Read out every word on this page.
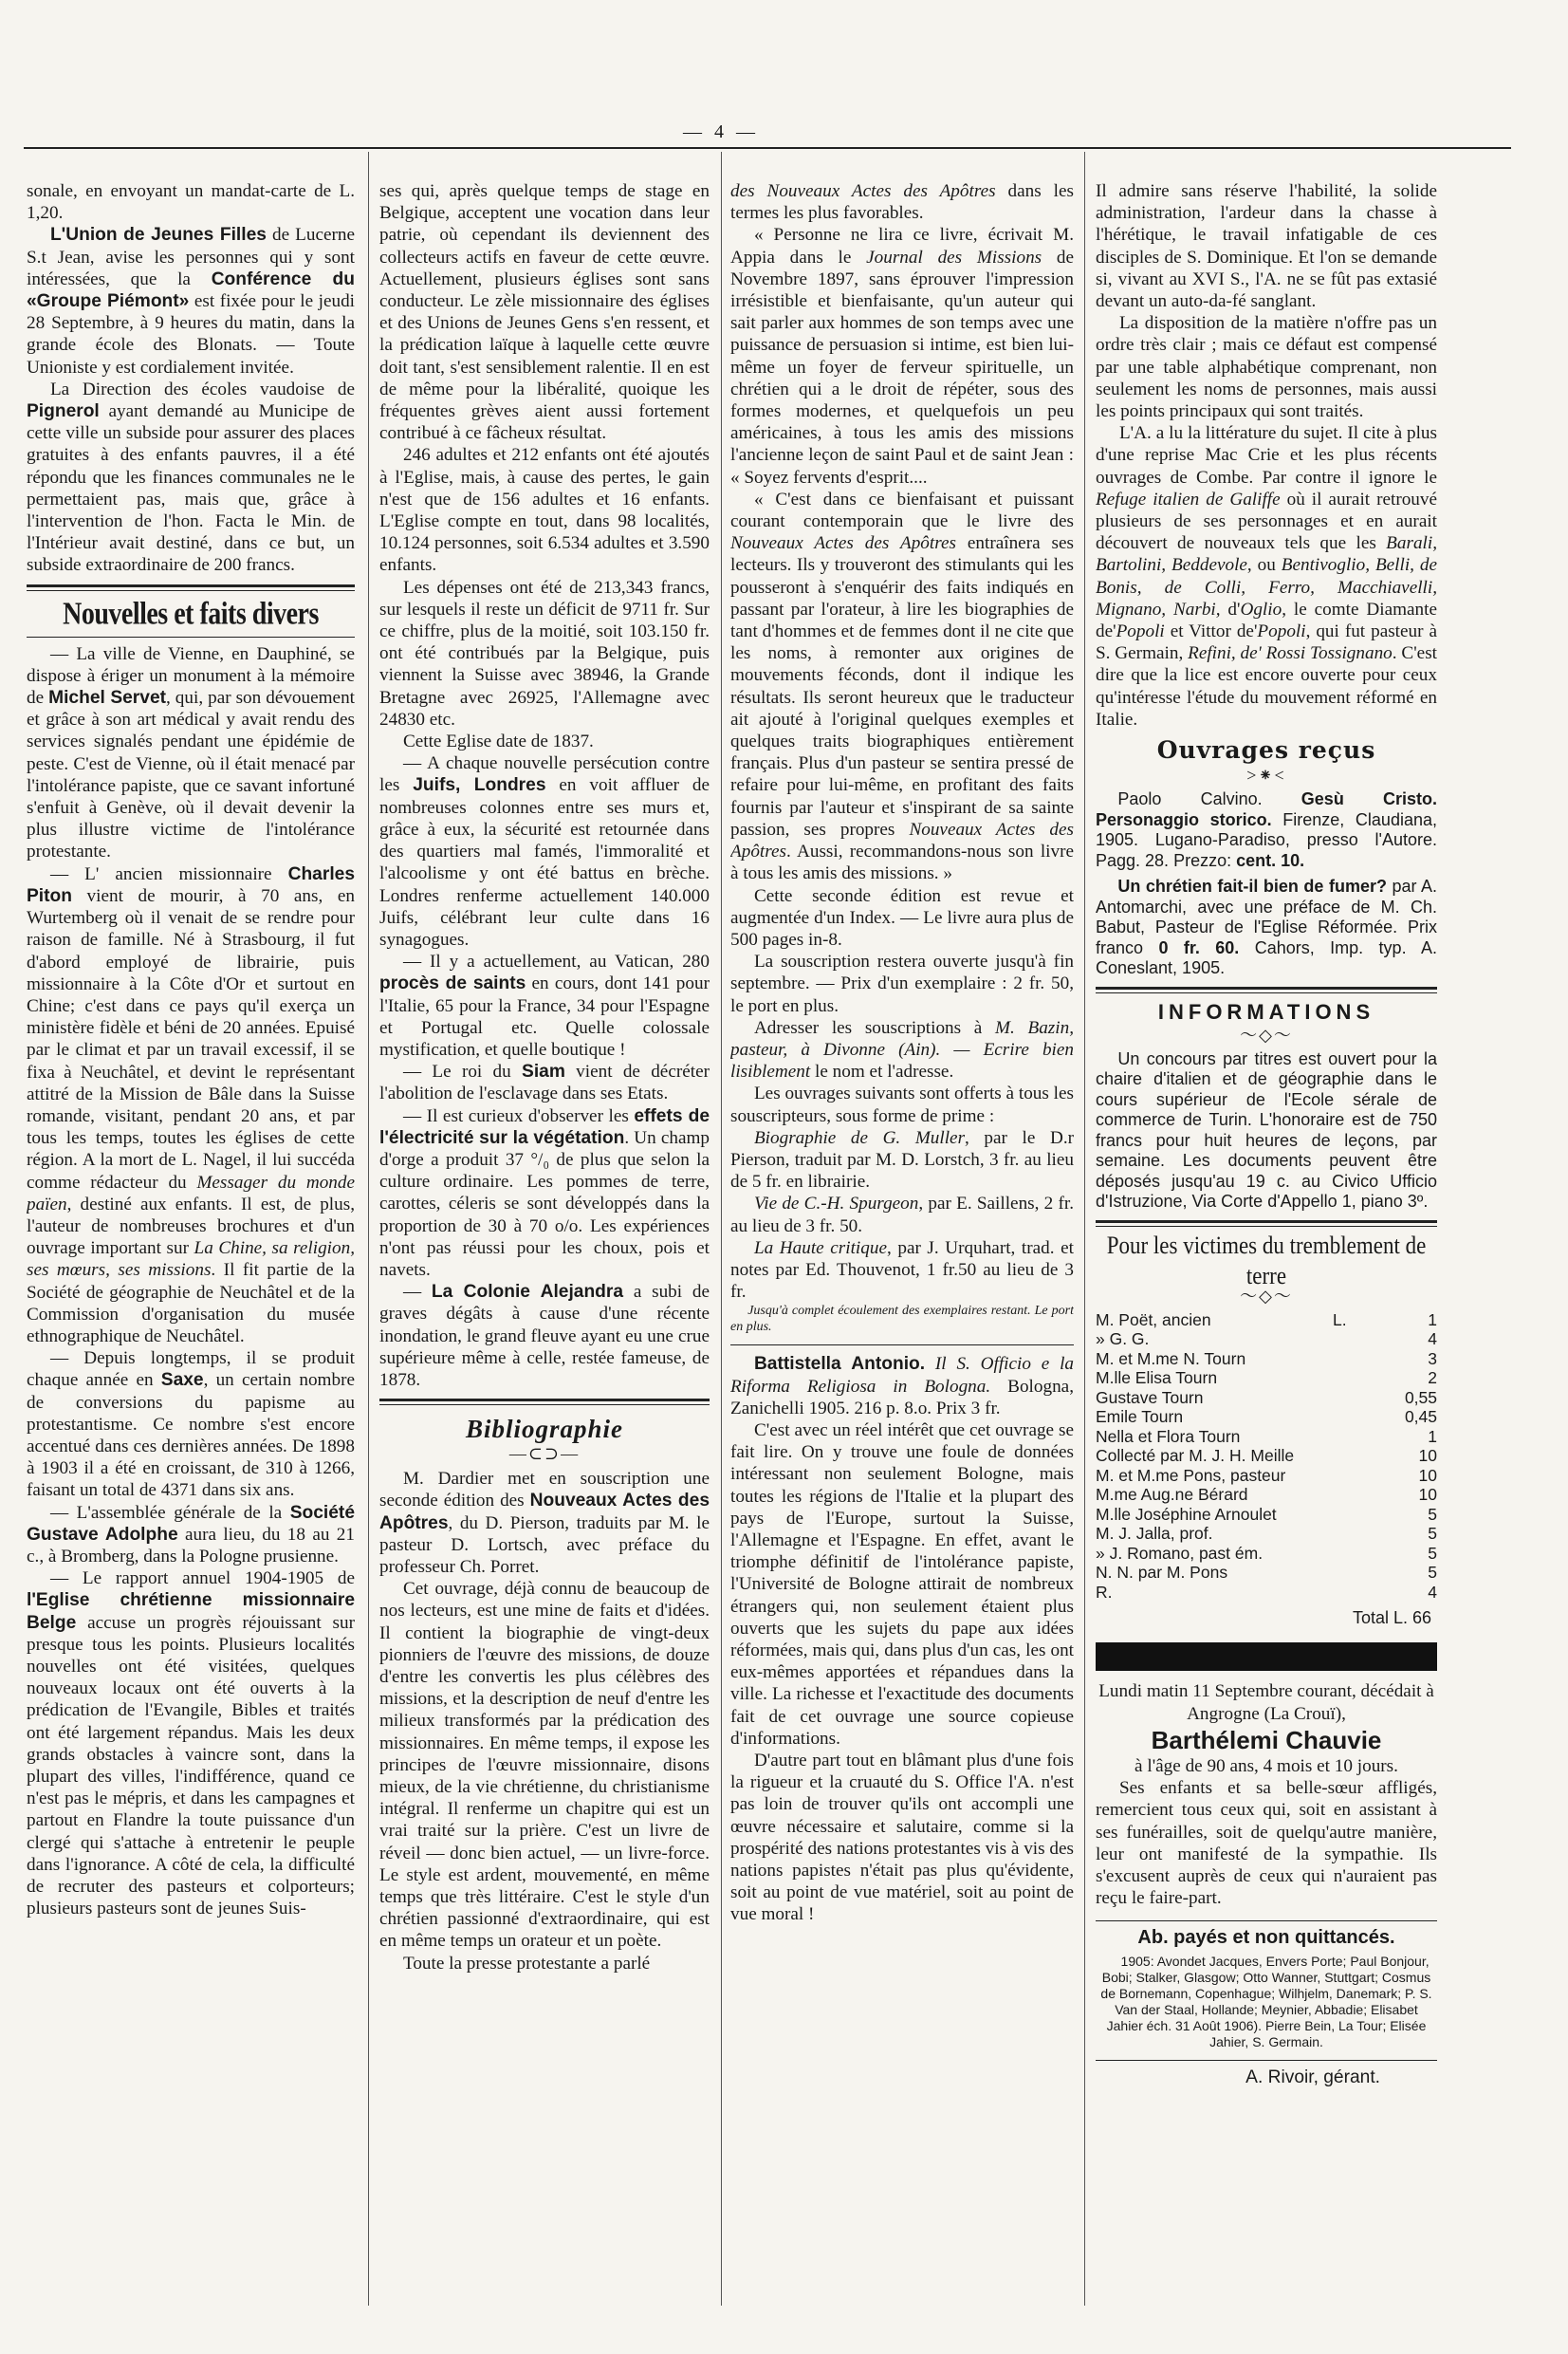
— 4 —

sonale, en envoyant un mandat-carte de L. 1,20.

L'Union de Jeunes Filles de Lucerne S.t Jean, avise les personnes qui y sont intéressées, que la Conférence du «Groupe Piémont» est fixée pour le jeudi 28 Septembre, à 9 heures du matin, dans la grande école des Blonats. — Toute Unioniste y est cordialement invitée.

La Direction des écoles vaudoise de Pignerol ayant demandé au Municipe de cette ville un subside pour assurer des places gratuites à des enfants pauvres, il a été répondu que les finances communales ne le permettaient pas, mais que, grâce à l'intervention de l'hon. Facta le Min. de l'Intérieur avait destiné, dans ce but, un subside extraordinaire de 200 francs.

Nouvelles et faits divers

— La ville de Vienne, en Dauphiné, se dispose à ériger un monument à la mémoire de Michel Servet, qui, par son dévouement et grâce à son art médical y avait rendu des services signalés pendant une épidémie de peste. C'est de Vienne, où il était menacé par l'intolérance papiste, que ce savant infortuné s'enfuit à Genève, où il devait devenir la plus illustre victime de l'intolérance protestante.

— L' ancien missionnaire Charles Piton vient de mourir, à 70 ans, en Wurtemberg où il venait de se rendre pour raison de famille. Né à Strasbourg, il fut d'abord employé de librairie, puis missionnaire à la Côte d'Or et surtout en Chine; c'est dans ce pays qu'il exerça un ministère fidèle et béni de 20 années. Epuisé par le climat et par un travail excessif, il se fixa à Neuchâtel, et devint le représentant attitré de la Mission de Bâle dans la Suisse romande, visitant, pendant 20 ans, et par tous les temps, toutes les églises de cette région. A la mort de L. Nagel, il lui succéda comme rédacteur du Messager du monde païen, destiné aux enfants. Il est, de plus, l'auteur de nombreuses brochures et d'un ouvrage important sur La Chine, sa religion, ses mœurs, ses missions. Il fit partie de la Société de géographie de Neuchâtel et de la Commission d'organisation du musée ethnographique de Neuchâtel.

— Depuis longtemps, il se produit chaque année en Saxe, un certain nombre de conversions du papisme au protestantisme. Ce nombre s'est encore accentué dans ces dernières années. De 1898 à 1903 il a été en croissant, de 310 à 1266, faisant un total de 4371 dans six ans.

— L'assemblée générale de la Société Gustave Adolphe aura lieu, du 18 au 21 c., à Bromberg, dans la Pologne prusienne.

— Le rapport annuel 1904-1905 de l'Eglise chrétienne missionnaire Belge accuse un progrès réjouissant sur presque tous les points. Plusieurs localités nouvelles ont été visitées, quelques nouveaux locaux ont été ouverts à la prédication de l'Evangile, Bibles et traités ont été largement répandus. Mais les deux grands obstacles à vaincre sont, dans la plupart des villes, l'indifférence, quand ce n'est pas le mépris, et dans les campagnes et partout en Flandre la toute puissance d'un clergé qui s'attache à entretenir le peuple dans l'ignorance. A côté de cela, la difficulté de recruter des pasteurs et colporteurs; plusieurs pasteurs sont de jeunes Suis-

ses qui, après quelque temps de stage en Belgique, acceptent une vocation dans leur patrie, où cependant ils deviennent des collecteurs actifs en faveur de cette œuvre. Actuellement, plusieurs églises sont sans conducteur. Le zèle missionnaire des églises et des Unions de Jeunes Gens s'en ressent, et la prédication laïque à laquelle cette œuvre doit tant, s'est sensiblement ralentie. Il en est de même pour la libéralité, quoique les fréquentes grèves aient aussi fortement contribué à ce fâcheux résultat.

246 adultes et 212 enfants ont été ajoutés à l'Eglise, mais, à cause des pertes, le gain n'est que de 156 adultes et 16 enfants. L'Eglise compte en tout, dans 98 localités, 10.124 personnes, soit 6.534 adultes et 3.590 enfants.

Les dépenses ont été de 213,343 francs, sur lesquels il reste un déficit de 9711 fr. Sur ce chiffre, plus de la moitié, soit 103.150 fr. ont été contribués par la Belgique, puis viennent la Suisse avec 38946, la Grande Bretagne avec 26925, l'Allemagne avec 24830 etc.

Cette Eglise date de 1837.

— A chaque nouvelle persécution contre les Juifs, Londres en voit affluer de nombreuses colonnes entre ses murs et, grâce à eux, la sécurité est retournée dans des quartiers mal famés, l'immoralité et l'alcoolisme y ont été battus en brèche. Londres renferme actuellement 140.000 Juifs, célébrant leur culte dans 16 synagogues.

— Il y a actuellement, au Vatican, 280 procès de saints en cours, dont 141 pour l'Italie, 65 pour la France, 34 pour l'Espagne et Portugal etc. Quelle colossale mystification, et quelle boutique !

— Le roi du Siam vient de décréter l'abolition de l'esclavage dans ses Etats.

— Il est curieux d'observer les effets de l'électricité sur la végétation. Un champ d'orge a produit 37 °/₀ de plus que selon la culture ordinaire. Les pommes de terre, carottes, céleris se sont développés dans la proportion de 30 à 70 o/o. Les expériences n'ont pas réussi pour les choux, pois et navets.

— La Colonie Alejandra a subi de graves dégâts à cause d'une récente inondation, le grand fleuve ayant eu une crue supérieure même à celle, restée fameuse, de 1878.

Bibliographie
—⊂⊃—

M. Dardier met en souscription une seconde édition des Nouveaux Actes des Apôtres, du D. Pierson, traduits par M. le pasteur D. Lortsch, avec préface du professeur Ch. Porret.

Cet ouvrage, déjà connu de beaucoup de nos lecteurs, est une mine de faits et d'idées. Il contient la biographie de vingt-deux pionniers de l'œuvre des missions, de douze d'entre les convertis les plus célèbres des missions, et la description de neuf d'entre les milieux transformés par la prédication des missionnaires. En même temps, il expose les principes de l'œuvre missionnaire, disons mieux, de la vie chrétienne, du christianisme intégral. Il renferme un chapitre qui est un vrai traité sur la prière. C'est un livre de réveil — donc bien actuel, — un livre-force. Le style est ardent, mouvementé, en même temps que très littéraire. C'est le style d'un chrétien passionné d'extraordinaire, qui est en même temps un orateur et un poète.

Toute la presse protestante a parlé

des Nouveaux Actes des Apôtres dans les termes les plus favorables.

« Personne ne lira ce livre, écrivait M. Appia dans le Journal des Missions de Novembre 1897, sans éprouver l'impression irrésistible et bienfaisante, qu'un auteur qui sait parler aux hommes de son temps avec une puissance de persuasion si intime, est bien lui-même un foyer de ferveur spirituelle, un chrétien qui a le droit de répéter, sous des formes modernes, et quelquefois un peu américaines, à tous les amis des missions l'ancienne leçon de saint Paul et de saint Jean : « Soyez fervents d'esprit....

« C'est dans ce bienfaisant et puissant courant contemporain que le livre des Nouveaux Actes des Apôtres entraînera ses lecteurs. Ils y trouveront des stimulants qui les pousseront à s'enquérir des faits indiqués en passant par l'orateur, à lire les biographies de tant d'hommes et de femmes dont il ne cite que les noms, à remonter aux origines de mouvements féconds, dont il indique les résultats. Ils seront heureux que le traducteur ait ajouté à l'original quelques exemples et quelques traits biographiques entièrement français. Plus d'un pasteur se sentira pressé de refaire pour lui-même, en profitant des faits fournis par l'auteur et s'inspirant de sa sainte passion, ses propres Nouveaux Actes des Apôtres. Aussi, recommandons-nous son livre à tous les amis des missions. »

Cette seconde édition est revue et augmentée d'un Index. — Le livre aura plus de 500 pages in-8.

La souscription restera ouverte jusqu'à fin septembre. — Prix d'un exemplaire : 2 fr. 50, le port en plus.

Adresser les souscriptions à M. Bazin, pasteur, à Divonne (Ain). — Ecrire bien lisiblement le nom et l'adresse.

Les ouvrages suivants sont offerts à tous les souscripteurs, sous forme de prime :

Biographie de G. Muller, par le D.r Pierson, traduit par M. D. Lorstch, 3 fr. au lieu de 5 fr. en librairie.

Vie de C.-H. Spurgeon, par E. Saillens, 2 fr. au lieu de 3 fr. 50.

La Haute critique, par J. Urquhart, trad. et notes par Ed. Thouvenot, 1 fr.50 au lieu de 3 fr.

Jusqu'à complet écoulement des exemplaires restant. Le port en plus.

Battistella Antonio. Il S. Officio e la Riforma Religiosa in Bologna. Bologna, Zanichelli 1905. 216 p. 8.o. Prix 3 fr.

C'est avec un réel intérêt que cet ouvrage se fait lire. On y trouve une foule de données intéressant non seulement Bologne, mais toutes les régions de l'Italie et la plupart des pays de l'Europe, surtout la Suisse, l'Allemagne et l'Espagne. En effet, avant le triomphe définitif de l'intolérance papiste, l'Université de Bologne attirait de nombreux étrangers qui, non seulement étaient plus ouverts que les sujets du pape aux idées réformées, mais qui, dans plus d'un cas, les ont eux-mêmes apportées et répandues dans la ville. La richesse et l'exactitude des documents fait de cet ouvrage une source copieuse d'informations.

D'autre part tout en blâmant plus d'une fois la rigueur et la cruauté du S. Office l'A. n'est pas loin de trouver qu'ils ont accompli une œuvre nécessaire et salutaire, comme si la prospérité des nations protestantes vis à vis des nations papistes n'était pas plus qu'évidente, soit au point de vue matériel, soit au point de vue moral !

Il admire sans réserve l'habilité, la solide administration, l'ardeur dans la chasse à l'hérétique, le travail infatigable de ces disciples de S. Dominique. Et l'on se demande si, vivant au XVI S., l'A. ne se fût pas extasié devant un auto-da-fé sanglant.

La disposition de la matière n'offre pas un ordre très clair ; mais ce défaut est compensé par une table alphabétique comprenant, non seulement les noms de personnes, mais aussi les points principaux qui sont traités.

L'A. a lu la littérature du sujet. Il cite à plus d'une reprise Mac Crie et les plus récents ouvrages de Combe. Par contre il ignore le Refuge italien de Galiffe où il aurait retrouvé plusieurs de ses personnages et en aurait découvert de nouveaux tels que les Barali, Bartolini, Beddevole, ou Bentivoglio, Belli, de Bonis, de Colli, Ferro, Macchiavelli, Mignano, Narbi, d'Oglio, le comte Diamante de'Popoli et Vittor de'Popoli, qui fut pasteur à S. Germain, Refini, de' Rossi Tossignano. C'est dire que la lice est encore ouverte pour ceux qu'intéresse l'étude du mouvement réformé en Italie.

Ouvrages reçus
>⁕<

Paolo Calvino. Gesù Cristo. Personaggio storico. Firenze, Claudiana, 1905. Lugano-Paradiso, presso l'Autore. Pagg. 28. Prezzo: cent. 10.

Un chrétien fait-il bien de fumer? par A. Antomarchi, avec une préface de M. Ch. Babut, Pasteur de l'Eglise Réformée. Prix franco 0 fr. 60. Cahors, Imp. typ. A. Coneslant, 1905.

INFORMATIONS
〜◇〜

Un concours par titres est ouvert pour la chaire d'italien et de géographie dans le cours supérieur de l'Ecole sérale de commerce de Turin. L'honoraire est de 750 francs pour huit heures de leçons, par semaine. Les documents peuvent être déposés jusqu'au 19 c. au Civico Ufficio d'Istruzione, Via Corte d'Appello 1, piano 3º.

Pour les victimes du tremblement de terre
〜◇〜
M. Poët, ancien	L.	1
» G. G.		4
M. et M.me N. Tourn		3
M.lle Elisa Tourn		2
Gustave Tourn		0,55
Emile Tourn		0,45
Nella et Flora Tourn		1
Collecté par M. J. H. Meille		10
M. et M.me Pons, pasteur		10
M.me Aug.ne Bérard		10
M.lle Joséphine Arnoulet		5
M. J. Jalla, prof.		5
» J. Romano, past ém.		5
N. N. par M. Pons		5
R.		4
Total L. 66

Lundi matin 11 Septembre courant, décédait à Angrogne (La Crouï),

Barthélemi Chauvie

à l'âge de 90 ans, 4 mois et 10 jours.

Ses enfants et sa belle-sœur affligés, remercient tous ceux qui, soit en assistant à ses funérailles, soit de quelqu'autre manière, leur ont manifesté de la sympathie. Ils s'excusent auprès de ceux qui n'auraient pas reçu le faire-part.

Ab. payés et non quittancés.

1905: Avondet Jacques, Envers Porte; Paul Bonjour, Bobi; Stalker, Glasgow; Otto Wanner, Stuttgart; Cosmus de Bornemann, Copenhague; Wilhjelm, Danemark; P. S. Van der Staal, Hollande; Meynier, Abbadie; Elisabet Jahier éch. 31 Août 1906). Pierre Bein, La Tour; Elisée Jahier, S. Germain.

A. Rivoir, gérant.
